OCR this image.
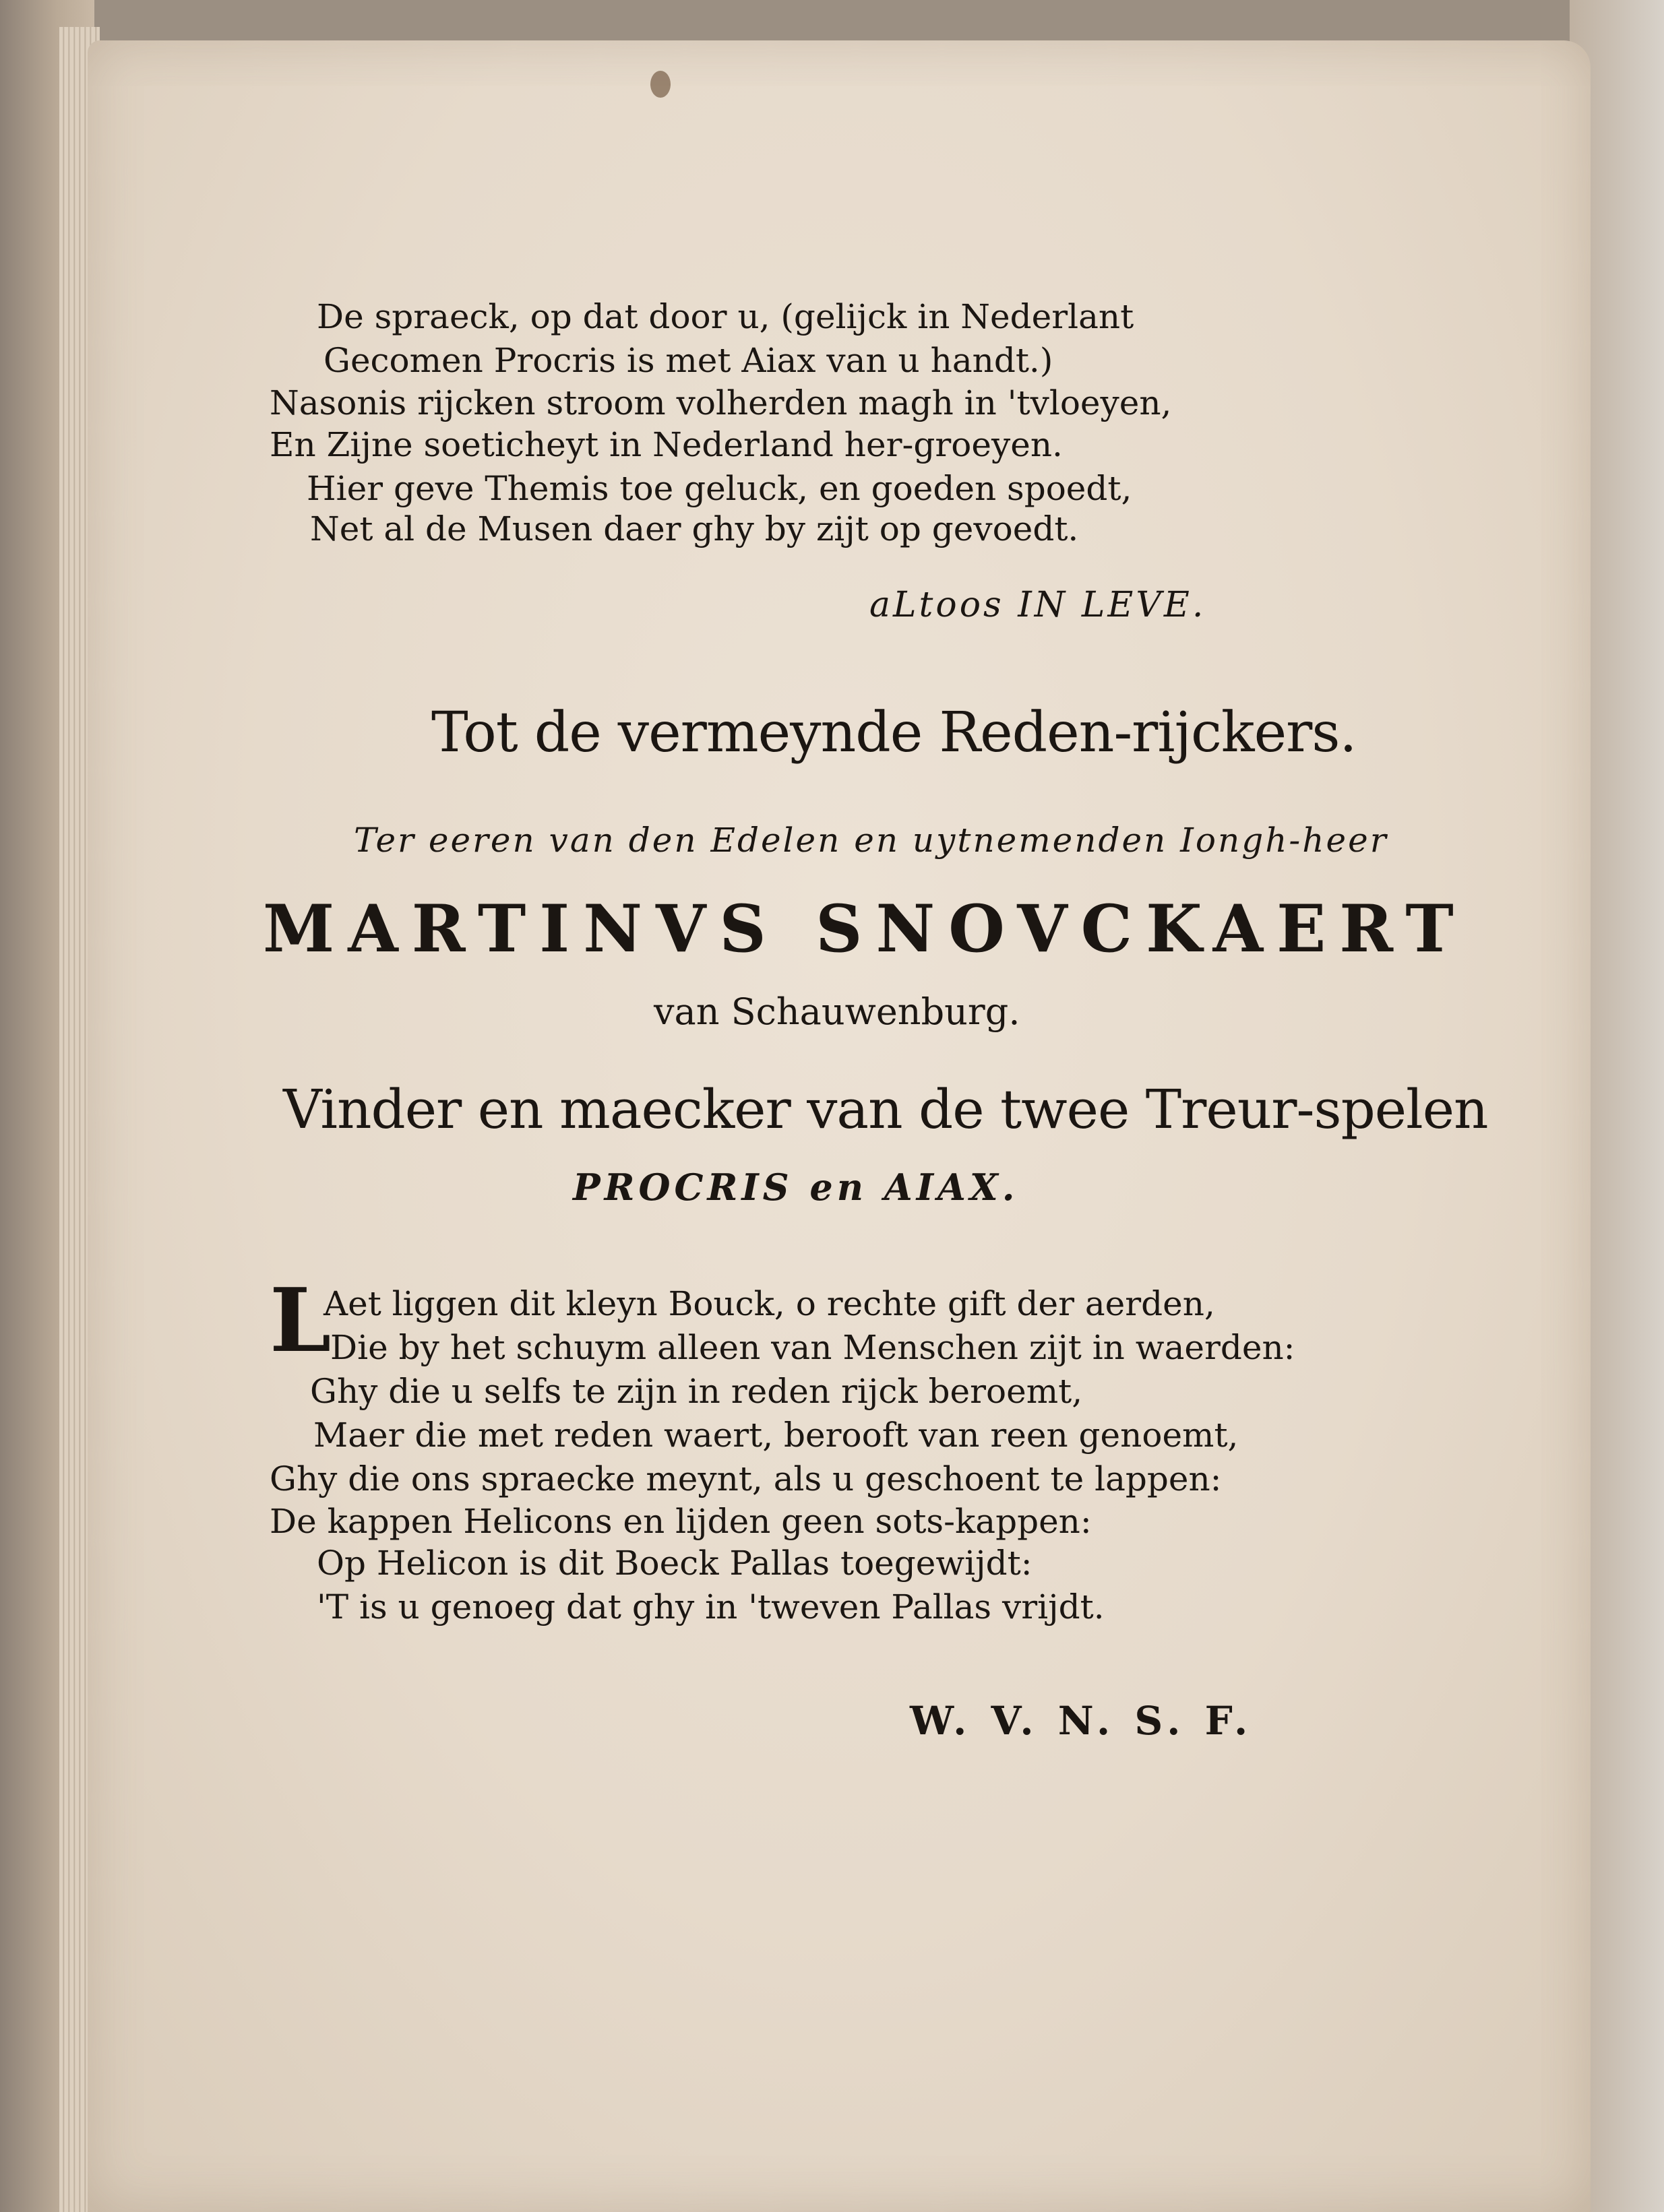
De spraeck, op dat door u, (gelijck in Nederlant
Gecomen Procris is met Aiax van u handt.)
Nasonis rijcken stroom volherden magh in 'tvloeyen,
En Zijne soeticheyt in Nederland her-groeyen.
Hier geve Themis toe geluck, en goeden spoedt,
Net al de Musen daer ghy by zijt op gevoedt.
aLtoos IN LEVE.
Tot de vermeynde Reden-rijckers.
Ter eeren van den Edelen en uytnemenden Iongh-heer
MARTINVS SNOVCKAERT
van Schauwenburg.
Vinder en maecker van de twee Treur-spelen
PROCRIS en AIAX.
L
Aet liggen dit kleyn Bouck, o rechte gift der aerden,
Die by het schuym alleen van Menschen zijt in waerden:
Ghy die u selfs te zijn in reden rijck beroemt,
Maer die met reden waert, berooft van reen genoemt,
Ghy die ons spraecke meynt, als u geschoent te lappen:
De kappen Helicons en lijden geen sots-kappen:
Op Helicon is dit Boeck Pallas toegewijdt:
'T is u genoeg dat ghy in 'tweven Pallas vrijdt.
W. V. N. S. F.
